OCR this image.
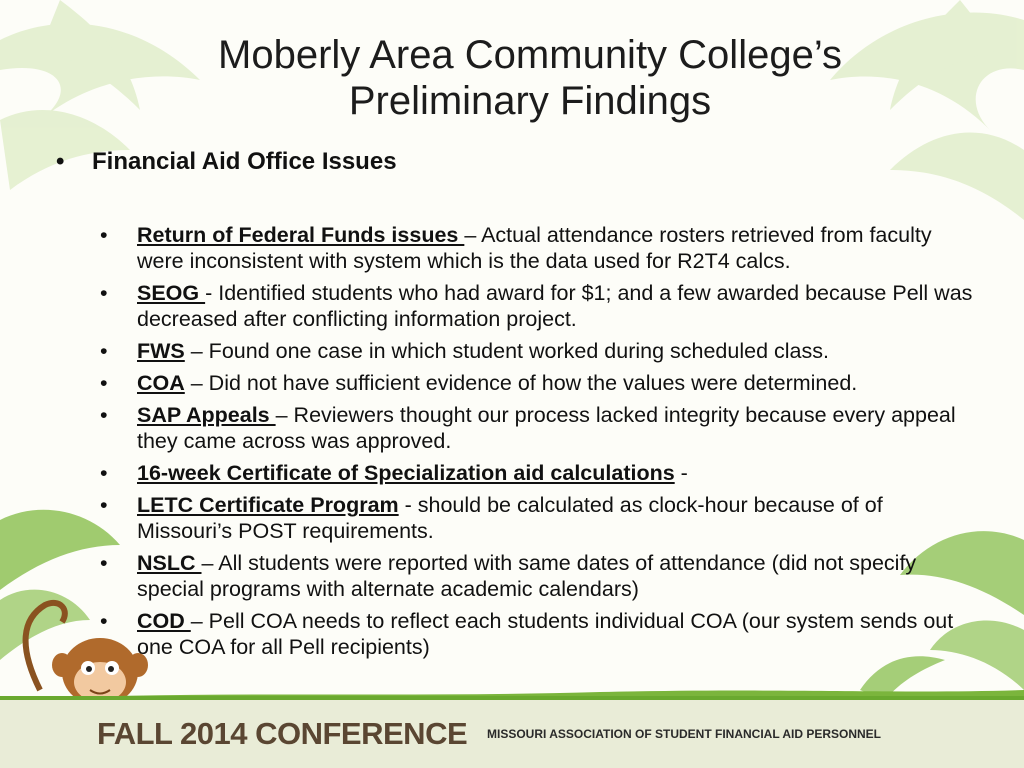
Moberly Area Community College’s
Preliminary Findings
• Financial Aid Office Issues
• Return of Federal Funds issues – Actual attendance rosters retrieved from faculty were inconsistent with system which is the data used for R2T4 calcs.
• SEOG - Identified students who had award for $1; and a few awarded because Pell was decreased after conflicting information project.
• FWS – Found one case in which student worked during scheduled class.
• COA – Did not have sufficient evidence of how the values were determined.
• SAP Appeals – Reviewers thought our process lacked integrity because every appeal they came across was approved.
• 16-week Certificate of Specialization aid calculations -
• LETC Certificate Program - should be calculated as clock-hour because of of Missouri’s POST requirements.
• NSLC – All students were reported with same dates of attendance (did not specify special programs with alternate academic calendars)
• COD – Pell COA needs to reflect each students individual COA (our system sends out one COA for all Pell recipients)
FALL 2014 CONFERENCE MISSOURI ASSOCIATION OF STUDENT FINANCIAL AID PERSONNEL
